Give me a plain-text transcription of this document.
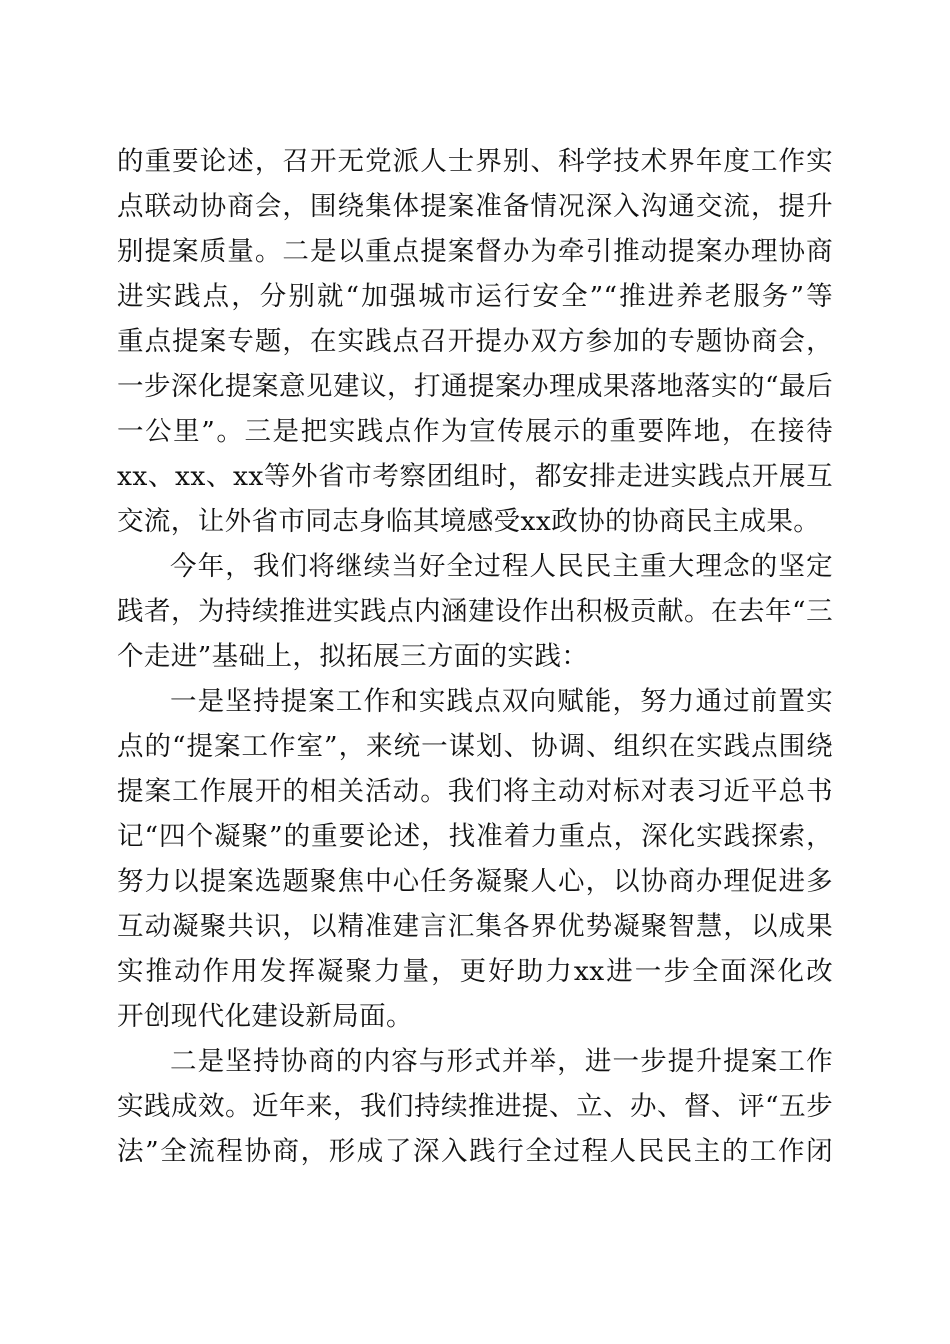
的重要论述，召开无党派人士界别、科学技术界年度工作实
点联动协商会，围绕集体提案准备情况深入沟通交流，提升
别提案质量。二是以重点提案督办为牵引推动提案办理协商
进实践点，分别就“加强城市运行安全”“推进养老服务”等
重点提案专题，在实践点召开提办双方参加的专题协商会，
一步深化提案意见建议，打通提案办理成果落地落实的“最后
一公里”。三是把实践点作为宣传展示的重要阵地，在接待
xx、xx、xx等外省市考察团组时，都安排走进实践点开展互
交流，让外省市同志身临其境感受xx政协的协商民主成果。
今年，我们将继续当好全过程人民民主重大理念的坚定
践者，为持续推进实践点内涵建设作出积极贡献。在去年“三
个走进”基础上，拟拓展三方面的实践：
一是坚持提案工作和实践点双向赋能，努力通过前置实
点的“提案工作室”，来统一谋划、协调、组织在实践点围绕
提案工作展开的相关活动。我们将主动对标对表习近平总书
记“四个凝聚”的重要论述，找准着力重点，深化实践探索，
努力以提案选题聚焦中心任务凝聚人心，以协商办理促进多
互动凝聚共识，以精准建言汇集各界优势凝聚智慧，以成果
实推动作用发挥凝聚力量，更好助力xx进一步全面深化改
开创现代化建设新局面。
二是坚持协商的内容与形式并举，进一步提升提案工作
实践成效。近年来，我们持续推进提、立、办、督、评“五步
法”全流程协商，形成了深入践行全过程人民民主的工作闭
